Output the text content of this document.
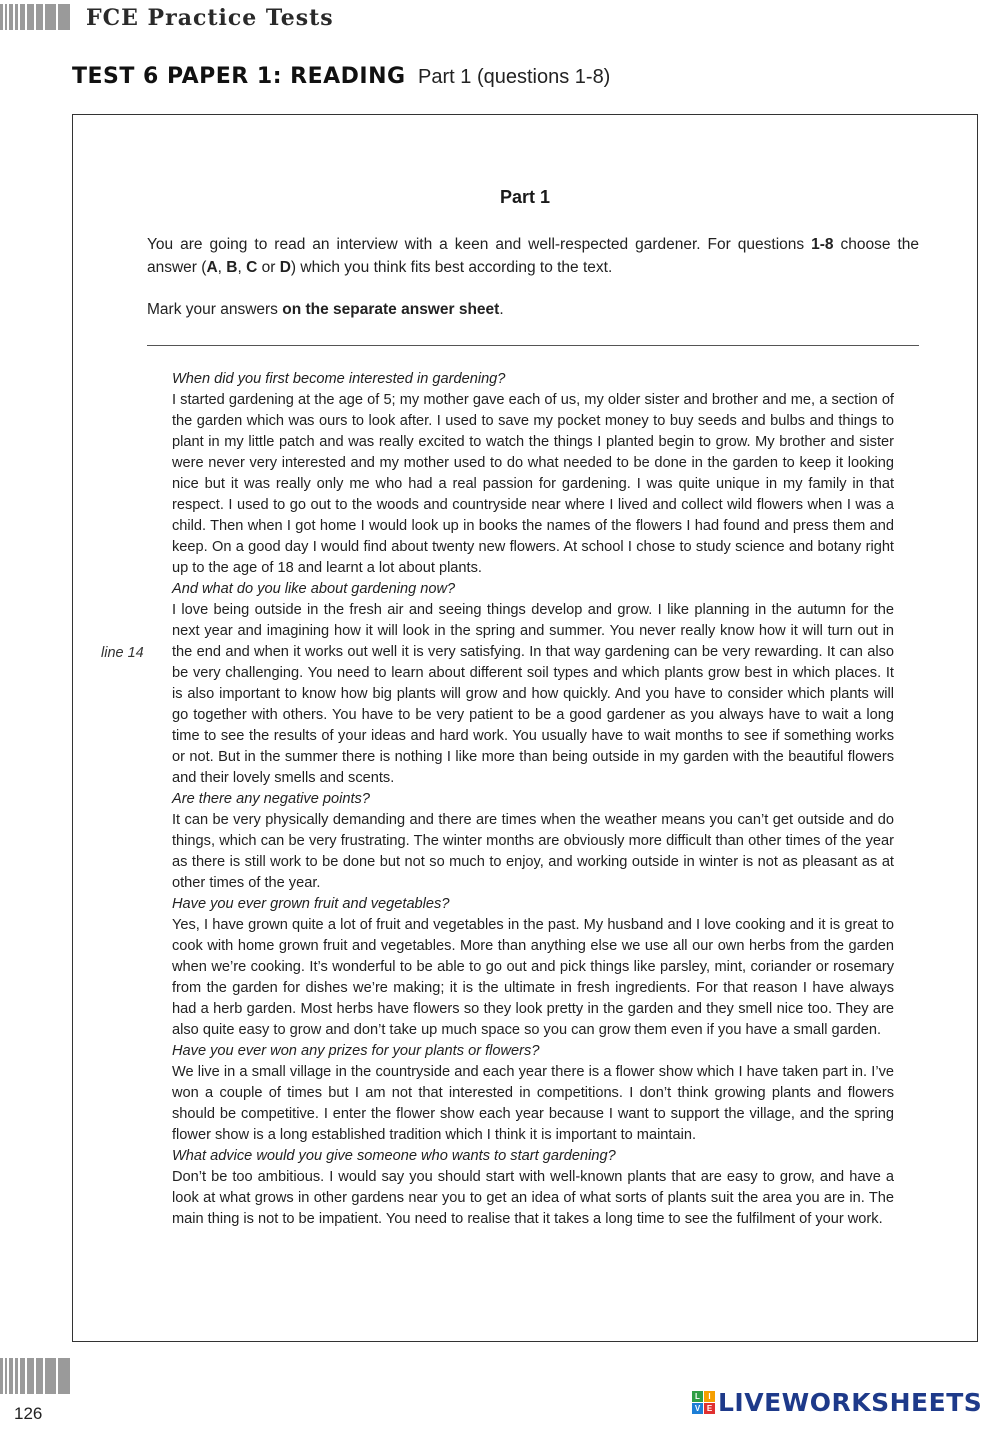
FCE Practice Tests
TEST 6 PAPER 1: READING Part 1 (questions 1-8)
Part 1
You are going to read an interview with a keen and well-respected gardener. For questions 1-8 choose the answer (A, B, C or D) which you think fits best according to the text.
Mark your answers on the separate answer sheet.
line 14
When did you first become interested in gardening?
I started gardening at the age of 5; my mother gave each of us, my older sister and brother and me, a section of the garden which was ours to look after. I used to save my pocket money to buy seeds and bulbs and things to plant in my little patch and was really excited to watch the things I planted begin to grow. My brother and sister were never very interested and my mother used to do what needed to be done in the garden to keep it looking nice but it was really only me who had a real passion for gardening. I was quite unique in my family in that respect. I used to go out to the woods and countryside near where I lived and collect wild flowers when I was a child. Then when I got home I would look up in books the names of the flowers I had found and press them and keep. On a good day I would find about twenty new flowers. At school I chose to study science and botany right up to the age of 18 and learnt a lot about plants.
And what do you like about gardening now?
I love being outside in the fresh air and seeing things develop and grow. I like planning in the autumn for the next year and imagining how it will look in the spring and summer. You never really know how it will turn out in the end and when it works out well it is very satisfying. In that way gardening can be very rewarding. It can also be very challenging. You need to learn about different soil types and which plants grow best in which places. It is also important to know how big plants will grow and how quickly. And you have to consider which plants will go together with others. You have to be very patient to be a good gardener as you always have to wait a long time to see the results of your ideas and hard work. You usually have to wait months to see if something works or not. But in the summer there is nothing I like more than being outside in my garden with the beautiful flowers and their lovely smells and scents.
Are there any negative points?
It can be very physically demanding and there are times when the weather means you can’t get outside and do things, which can be very frustrating. The winter months are obviously more difficult than other times of the year as there is still work to be done but not so much to enjoy, and working outside in winter is not as pleasant as at other times of the year.
Have you ever grown fruit and vegetables?
Yes, I have grown quite a lot of fruit and vegetables in the past. My husband and I love cooking and it is great to cook with home grown fruit and vegetables. More than anything else we use all our own herbs from the garden when we’re cooking. It’s wonderful to be able to go out and pick things like parsley, mint, coriander or rosemary from the garden for dishes we’re making; it is the ultimate in fresh ingredients. For that reason I have always had a herb garden. Most herbs have flowers so they look pretty in the garden and they smell nice too. They are also quite easy to grow and don’t take up much space so you can grow them even if you have a small garden.
Have you ever won any prizes for your plants or flowers?
We live in a small village in the countryside and each year there is a flower show which I have taken part in. I’ve won a couple of times but I am not that interested in competitions. I don’t think growing plants and flowers should be competitive. I enter the flower show each year because I want to support the village, and the spring flower show is a long established tradition which I think it is important to maintain.
What advice would you give someone who wants to start gardening?
Don’t be too ambitious. I would say you should start with well-known plants that are easy to grow, and have a look at what grows in other gardens near you to get an idea of what sorts of plants suit the area you are in. The main thing is not to be impatient. You need to realise that it takes a long time to see the fulfilment of your work.
126
L	I
V E LIVEWORKSHEETS
